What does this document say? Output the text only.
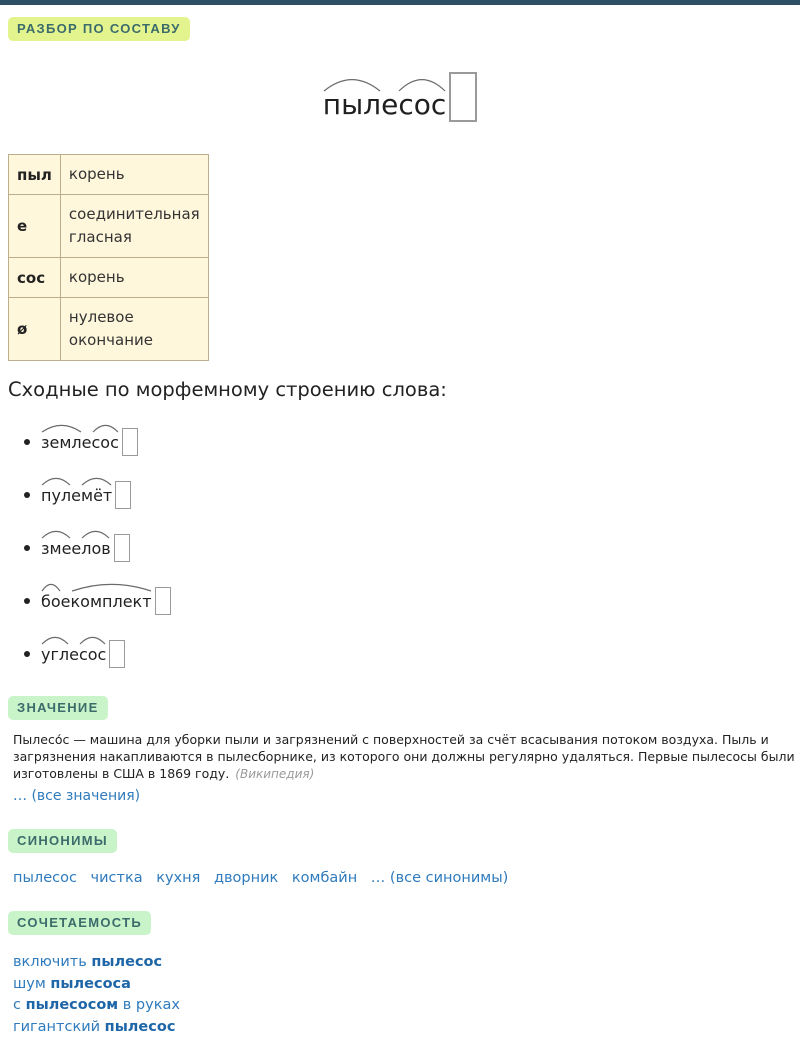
РАЗБОР ПО СОСТАВУ
пыл е сос
пыл	корень
е	соединительная гласная
сос	корень
ø	нулевое окончание
Сходные по морфемному строению слова:
земл е сос
пул е мёт
зме е лов
бо е комплект
угл е сос
ЗНАЧЕНИЕ
Пылесо́с — машина для уборки пыли и загрязнений с поверхностей за счёт всасывания потоком воздуха. Пыль и загрязнения накапливаются в пылесборнике, из которого они должны регулярно удаляться. Первые пылесосы были изготовлены в США в 1869 году. (Википедия)
… (все значения)
СИНОНИМЫ
пылесос чистка кухня дворник комбайн … (все синонимы)
СОЧЕТАЕМОСТЬ
включить пылесос
шум пылесоса
с пылесосом в руках
гигантский пылесос
